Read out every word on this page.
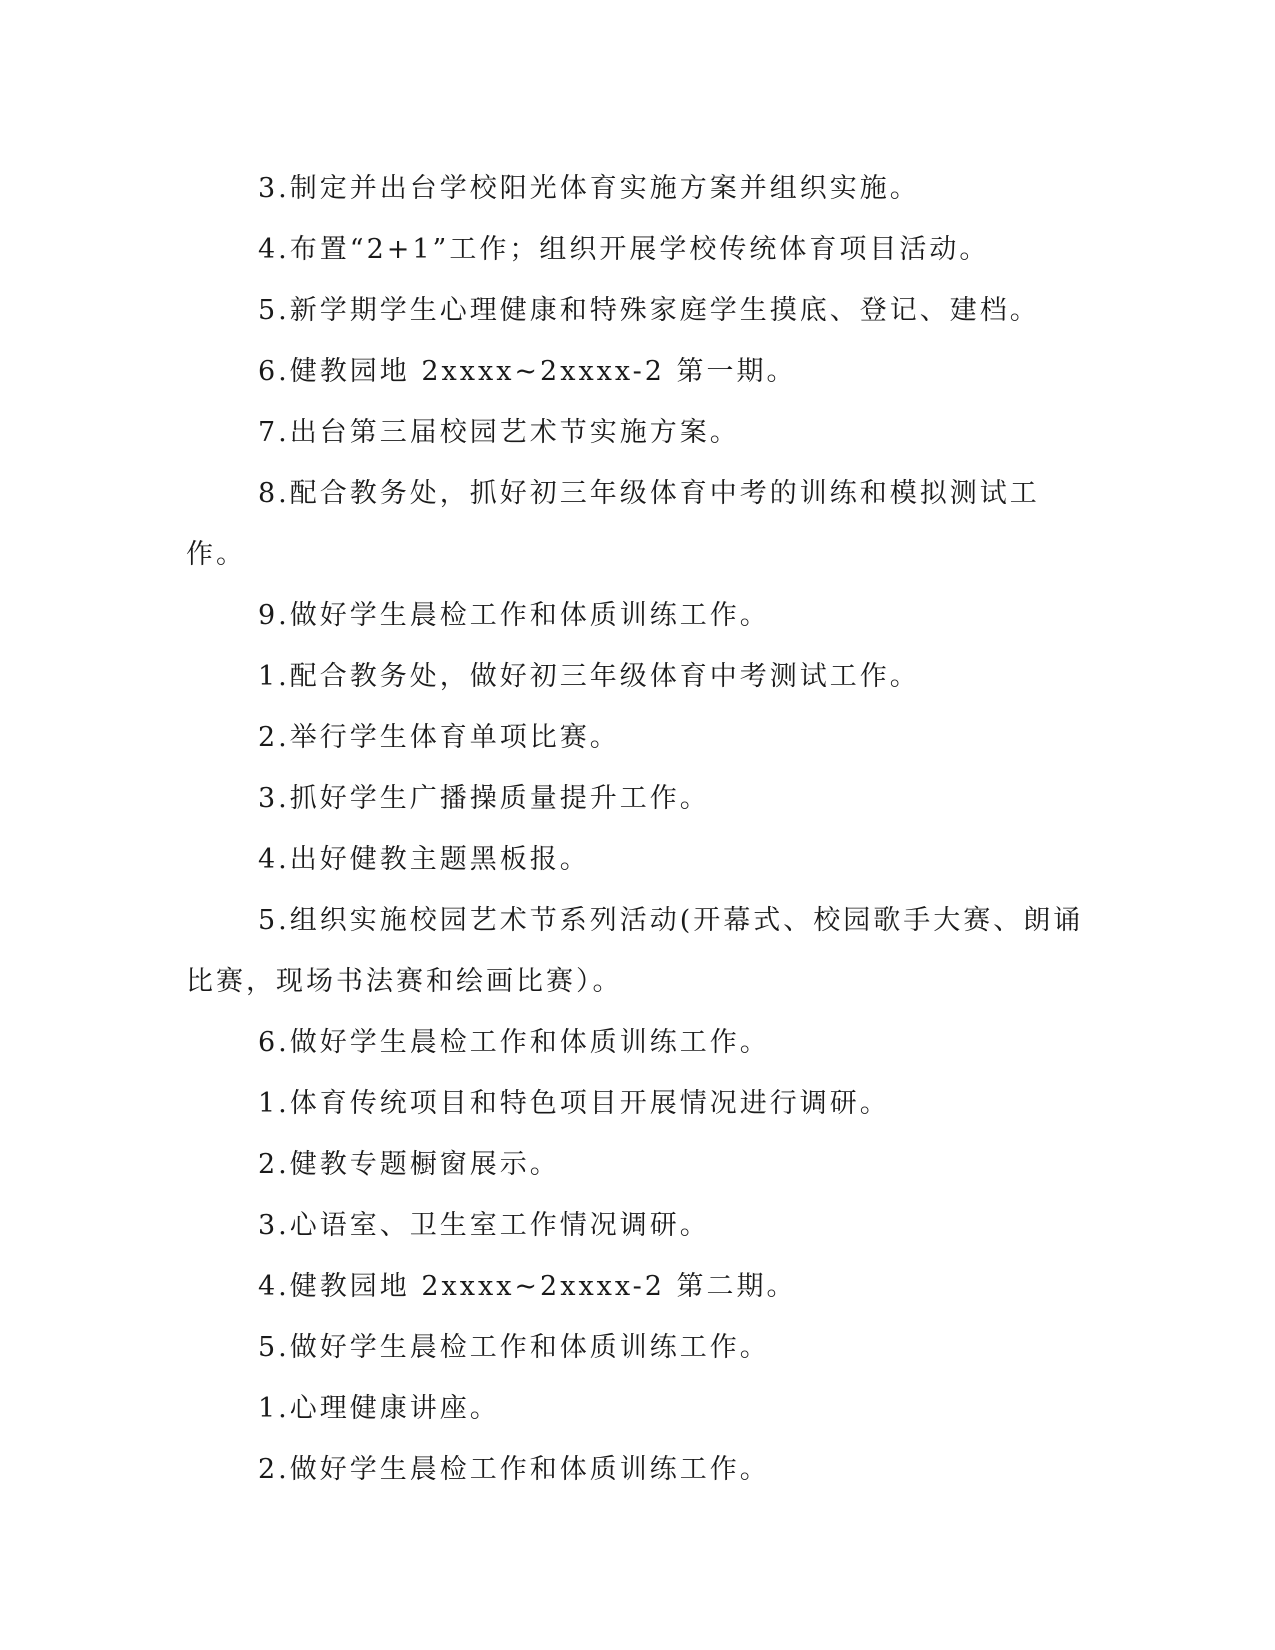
3.制定并出台学校阳光体育实施方案并组织实施。

4.布置“2+1”工作；组织开展学校传统体育项目活动。

5.新学期学生心理健康和特殊家庭学生摸底、登记、建档。

6.健教园地 2xxxx~2xxxx-2 第一期。

7.出台第三届校园艺术节实施方案。

8.配合教务处，抓好初三年级体育中考的训练和模拟测试工作。

9.做好学生晨检工作和体质训练工作。

1.配合教务处，做好初三年级体育中考测试工作。

2.举行学生体育单项比赛。

3.抓好学生广播操质量提升工作。

4.出好健教主题黑板报。

5.组织实施校园艺术节系列活动(开幕式、校园歌手大赛、朗诵比赛，现场书法赛和绘画比赛）。

6.做好学生晨检工作和体质训练工作。

1.体育传统项目和特色项目开展情况进行调研。

2.健教专题橱窗展示。

3.心语室、卫生室工作情况调研。

4.健教园地 2xxxx~2xxxx-2 第二期。

5.做好学生晨检工作和体质训练工作。

1.心理健康讲座。

2.做好学生晨检工作和体质训练工作。
